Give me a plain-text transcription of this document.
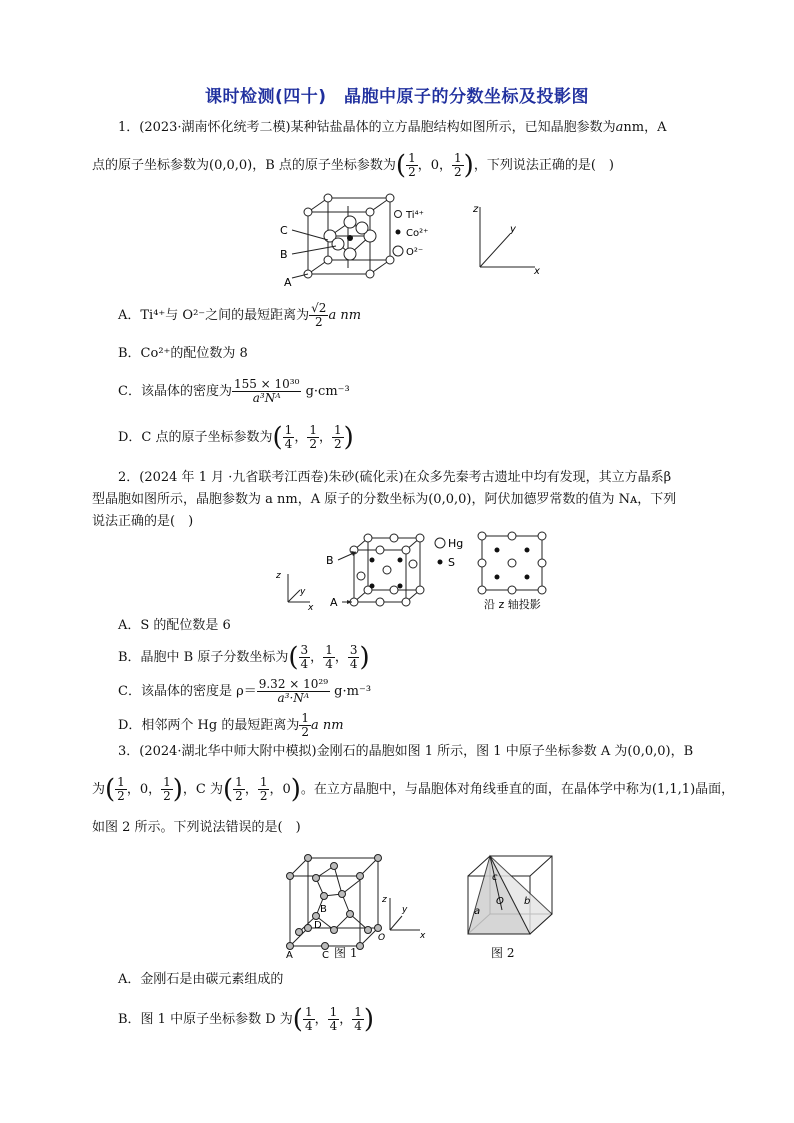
课时检测(四十)　晶胞中原子的分数坐标及投影图
1．(2023·湖南怀化统考二模)某种钴盐晶体的立方晶胞结构如图所示，已知晶胞参数为anm，A
点的原子坐标参数为(0,0,0)，B 点的原子坐标参数为( $\frac{1}{2}$ ，0， $\frac{1}{2}$ )，下列说法正确的是(　)
C
B
A
Ti⁴⁺
Co²⁺
O²⁻
z
y
x
A．Ti⁴⁺与 O²⁻之间的最短距离为 $\frac{√2}{2}$ a nm
B．Co²⁺的配位数为 8
C．该晶体的密度为 $\frac{\text{155 × 10³⁰}}{\text{a³Nᴬ}} g\cdot cm^{-3}$
D．C 点的原子坐标参数为( $\frac{1}{4}$ ， $\frac{1}{2}$ ， $\frac{1}{2}$ )
2．(2024 年 1 月 ·九省联考江西卷)朱砂(硫化汞)在众多先秦考古遗址中均有发现，其立方晶系β
型晶胞如图所示，晶胞参数为 a nm，A 原子的分数坐标为(0,0,0)，阿伏加德罗常数的值为 Nᴀ，下列
说法正确的是(　)
B
A
Hg
S
z
y
x	沿 z 轴投影
A．S 的配位数是 6
B．晶胞中 B 原子分数坐标为( $\frac{3}{4}$ ， $\frac{1}{4}$ ， $\frac{3}{4}$ )
C．该晶体的密度是 $\rho= \frac{\text{9.32 × 10²⁹}}{\text{a³·Nᴬ}} g\cdot m^{-3}$
D．相邻两个 Hg 的最短距离为 $\frac{1}{2}$ a nm
3．(2024·湖北华中师大附中模拟)金刚石的晶胞如图 1 所示，图 1 中原子坐标参数 A 为(0,0,0)，B
为( $\frac{1}{2}$ ，0， $\frac{1}{2}$ )，C 为( $\frac{1}{2}$ ， $\frac{1}{2}$ ，0)。在立方晶胞中，与晶胞体对角线垂直的面，在晶体学中称为(1,1,1)晶面，
如图 2 所示。下列说法错误的是(　)
B
D
A	C
z
y
x
O
图 1
c
O
a
b
图 2
A．金刚石是由碳元素组成的
B．图 1 中原子坐标参数 D 为( $\frac{1}{4}$ ， $\frac{1}{4}$ ， $\frac{1}{4}$ )
